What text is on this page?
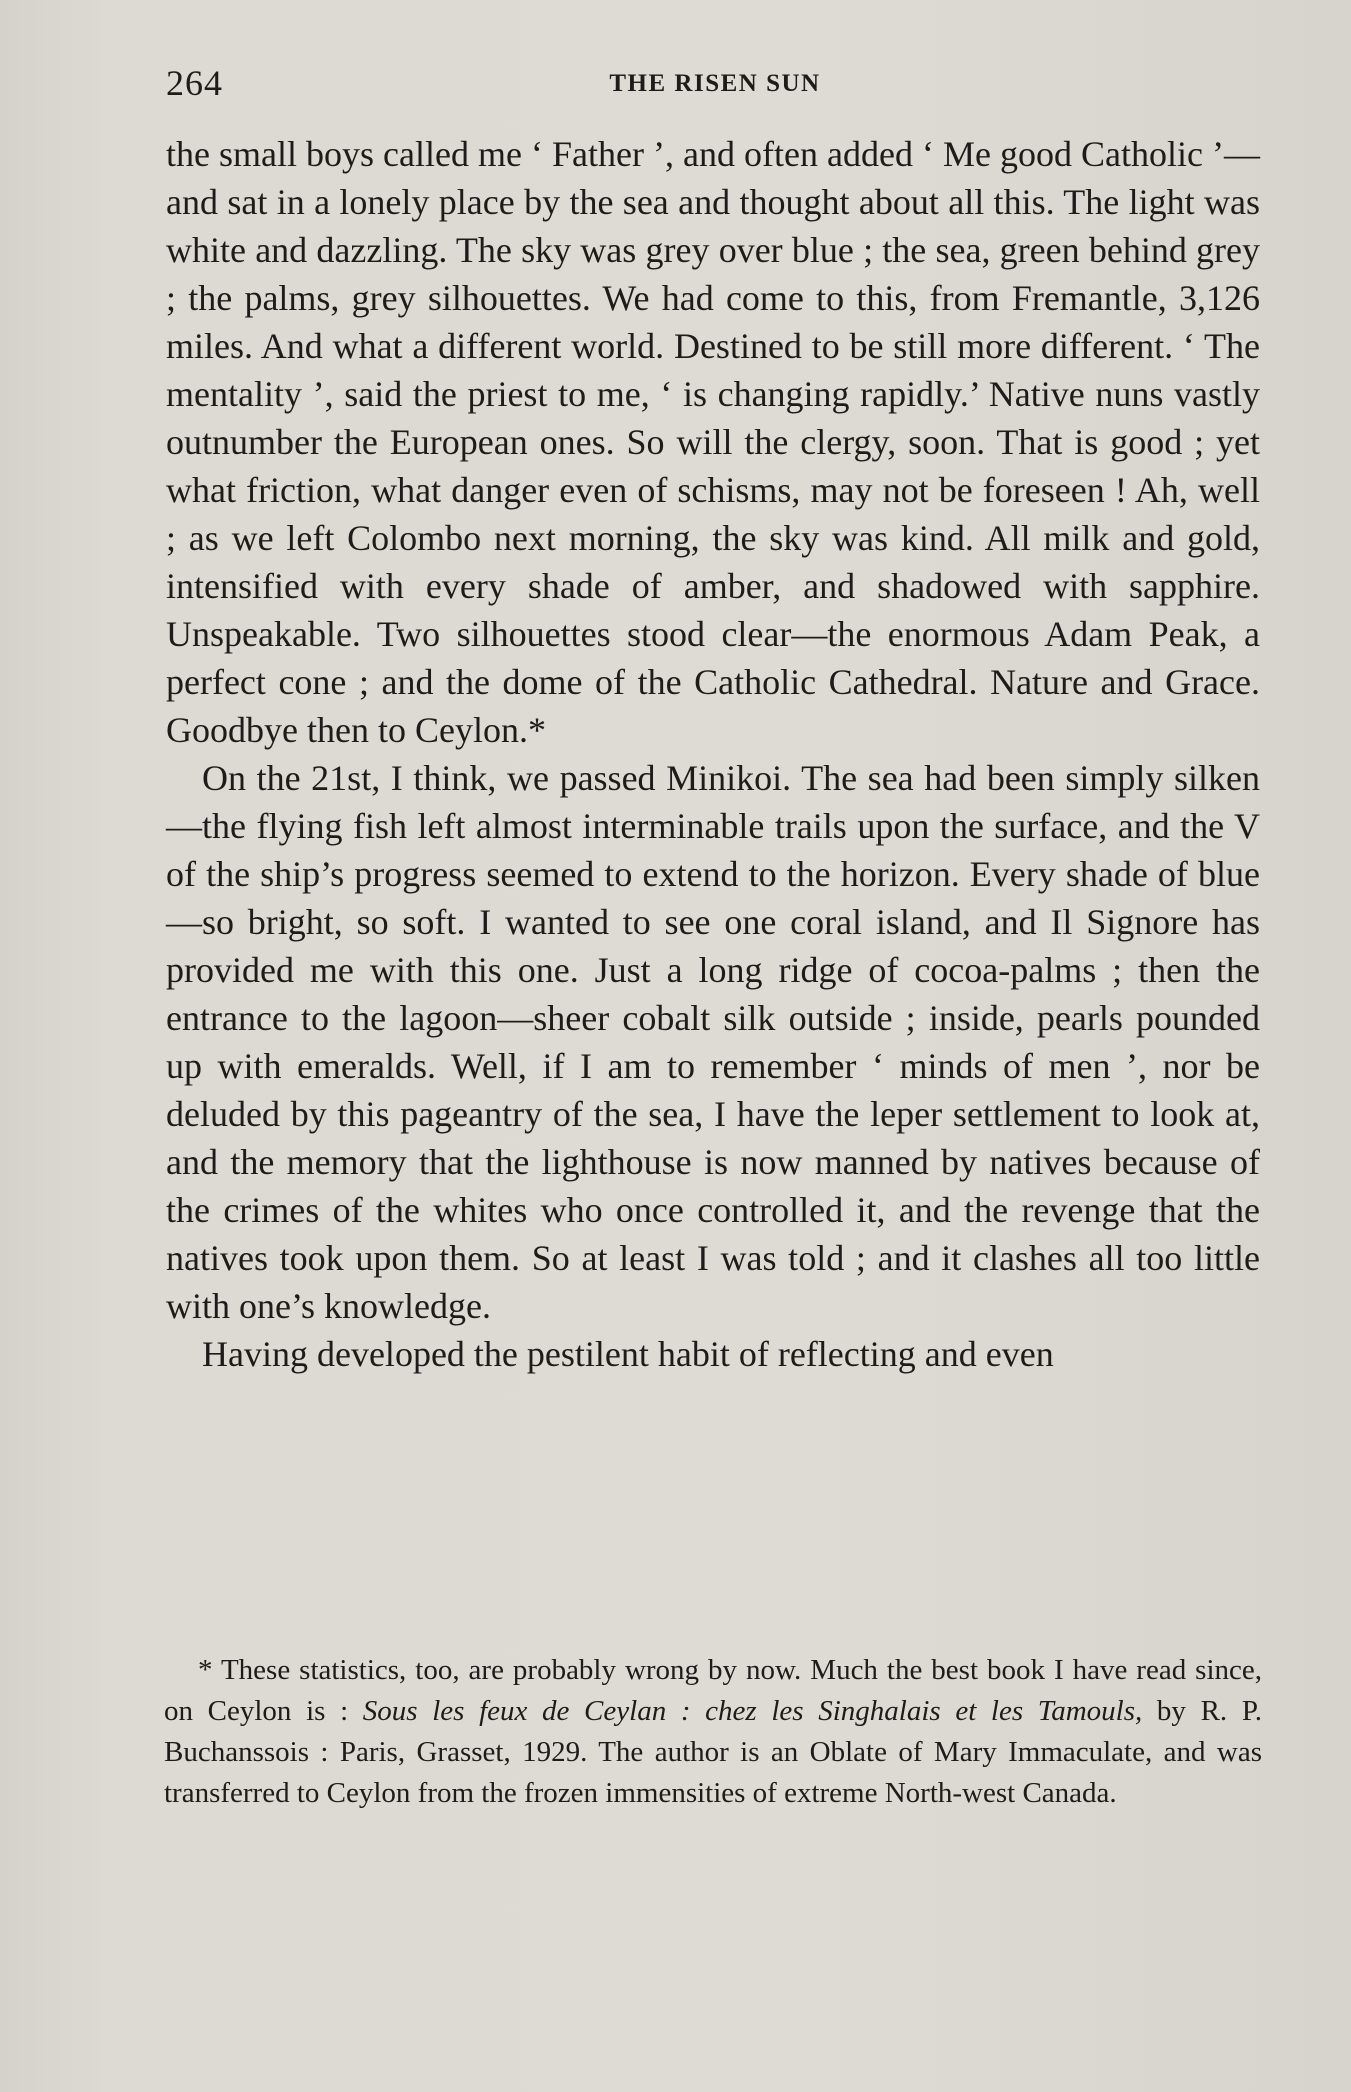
264	THE RISEN SUN

the small boys called me ‘ Father ’, and often added ‘ Me good Catholic ’—and sat in a lonely place by the sea and thought about all this. The light was white and dazzling. The sky was grey over blue ; the sea, green behind grey ; the palms, grey silhouettes. We had come to this, from Fremantle, 3,126 miles. And what a different world. Destined to be still more different. ‘ The mentality ’, said the priest to me, ‘ is changing rapidly.’ Native nuns vastly outnumber the European ones. So will the clergy, soon. That is good ; yet what friction, what danger even of schisms, may not be foreseen ! Ah, well ; as we left Colombo next morning, the sky was kind. All milk and gold, intensified with every shade of amber, and shadowed with sapphire. Unspeakable. Two silhouettes stood clear—the enormous Adam Peak, a perfect cone ; and the dome of the Catholic Cathedral. Nature and Grace. Goodbye then to Ceylon.*

On the 21st, I think, we passed Minikoi. The sea had been simply silken—the flying fish left almost interminable trails upon the surface, and the V of the ship’s progress seemed to extend to the horizon. Every shade of blue—so bright, so soft. I wanted to see one coral island, and Il Signore has provided me with this one. Just a long ridge of cocoa-palms ; then the entrance to the lagoon—sheer cobalt silk outside ; inside, pearls pounded up with emeralds. Well, if I am to remember ‘ minds of men ’, nor be deluded by this pageantry of the sea, I have the leper settlement to look at, and the memory that the lighthouse is now manned by natives because of the crimes of the whites who once controlled it, and the revenge that the natives took upon them. So at least I was told ; and it clashes all too little with one’s knowledge.

Having developed the pestilent habit of reflecting and even

* These statistics, too, are probably wrong by now. Much the best book I have read since, on Ceylon is : Sous les feux de Ceylan : chez les Singhalais et les Tamouls, by R. P. Buchanssois : Paris, Grasset, 1929. The author is an Oblate of Mary Immaculate, and was transferred to Ceylon from the frozen immensities of extreme North-west Canada.
